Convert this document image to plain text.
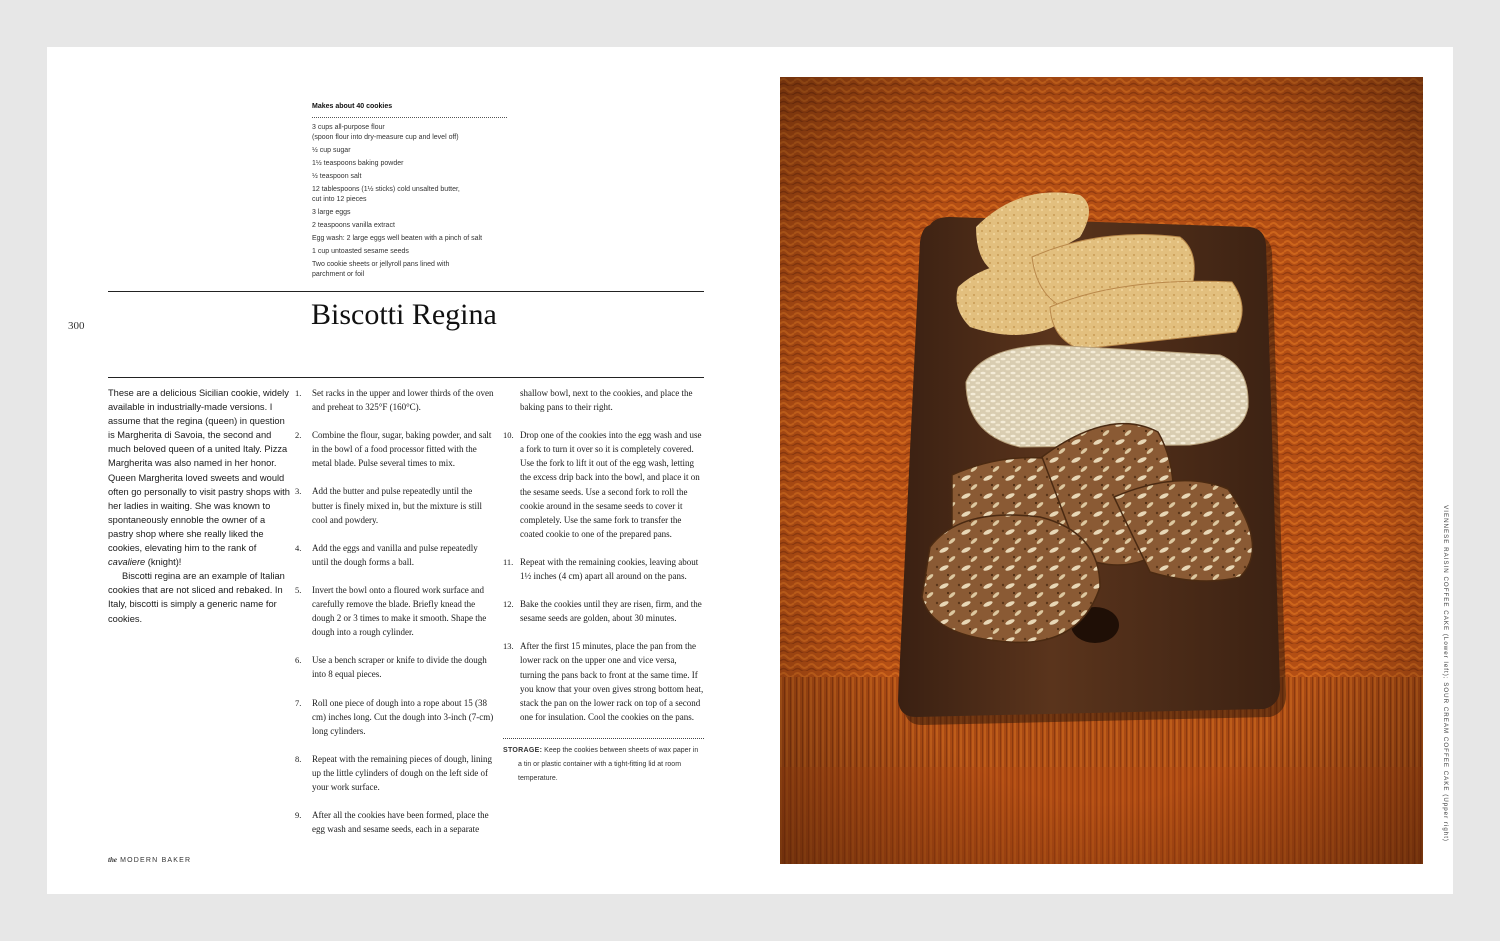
Makes about 40 cookies
3 cups all-purpose flour
(spoon flour into dry-measure cup and level off)
½ cup sugar
1½ teaspoons baking powder
½ teaspoon salt
12 tablespoons (1½ sticks) cold unsalted butter,
cut into 12 pieces
3 large eggs
2 teaspoons vanilla extract
Egg wash: 2 large eggs well beaten with a pinch of salt
1 cup untoasted sesame seeds
Two cookie sheets or jellyroll pans lined with
parchment or foil
300	Biscotti Regina

These are a delicious Sicilian cookie, widely available in industrially-made versions. I assume that the regina (queen) in question is Margherita di Savoia, the second and much beloved queen of a united Italy. Pizza Margherita was also named in her honor. Queen Margherita loved sweets and would often go personally to visit pastry shops with her ladies in waiting. She was known to spontaneously ennoble the owner of a pastry shop where she really liked the cookies, elevating him to the rank of cavaliere (knight)!

Biscotti regina are an example of Italian cookies that are not sliced and rebaked. In Italy, biscotti is simply a generic name for cookies.

1.	Set racks in the upper and lower thirds of the oven and preheat to 325°F (160°C).
2.	Combine the flour, sugar, baking powder, and salt in the bowl of a food processor fitted with the metal blade. Pulse several times to mix.
3.	Add the butter and pulse repeatedly until the butter is finely mixed in, but the mixture is still cool and powdery.
4.	Add the eggs and vanilla and pulse repeatedly until the dough forms a ball.
5.	Invert the bowl onto a floured work surface and carefully remove the blade. Briefly knead the dough 2 or 3 times to make it smooth. Shape the dough into a rough cylinder.
6.	Use a bench scraper or knife to divide the dough into 8 equal pieces.
7.	Roll one piece of dough into a rope about 15 (38 cm) inches long. Cut the dough into 3-inch (7-cm) long cylinders.
8.	Repeat with the remaining pieces of dough, lining up the little cylinders of dough on the left side of your work surface.
9.	After all the cookies have been formed, place the egg wash and sesame seeds, each in a separate
shallow bowl, next to the cookies, and place the baking pans to their right.
10. Drop one of the cookies into the egg wash and use a fork to turn it over so it is completely covered. Use the fork to lift it out of the egg wash, letting the excess drip back into the bowl, and place it on the sesame seeds. Use a second fork to roll the cookie around in the sesame seeds to cover it completely. Use the same fork to transfer the coated cookie to one of the prepared pans.
11. Repeat with the remaining cookies, leaving about 1½ inches (4 cm) apart all around on the pans.
12. Bake the cookies until they are risen, firm, and the sesame seeds are golden, about 30 minutes.
13. After the first 15 minutes, place the pan from the lower rack on the upper one and vice versa, turning the pans back to front at the same time. If you know that your oven gives strong bottom heat, stack the pan on the lower rack on top of a second one for insulation. Cool the cookies on the pans.
STORAGE: Keep the cookies between sheets of wax paper in a tin or plastic container with a tight-fitting lid at room temperature.
the MODERN BAKER
VIENNESE RAISIN COFFEE CAKE (Lower left); SOUR CREAM COFFEE CAKE (Upper right)
